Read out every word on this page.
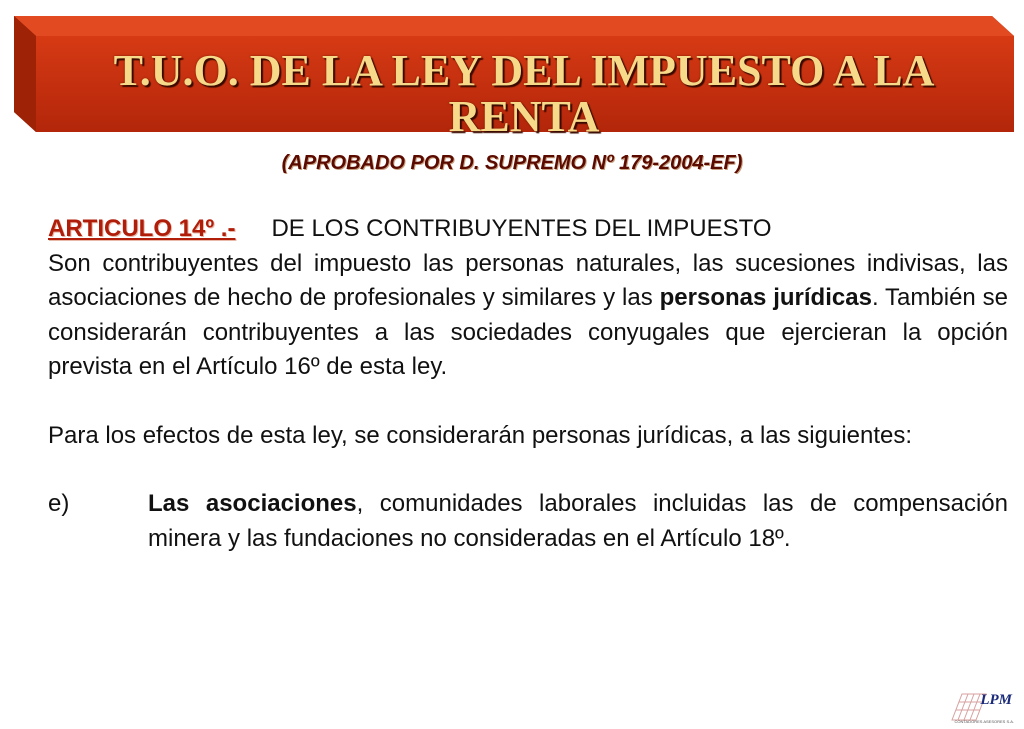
T.U.O. DE LA LEY DEL IMPUESTO A LA RENTA
(APROBADO POR D. SUPREMO Nº 179-2004-EF)

ARTICULO 14º .- DE LOS CONTRIBUYENTES DEL IMPUESTO

Son contribuyentes del impuesto las personas naturales, las sucesiones indivisas, las asociaciones de hecho de profesionales y similares y las personas jurídicas. También se considerarán contribuyentes a las sociedades conyugales que ejercieran la opción prevista en el Artículo 16º de esta ley.

Para los efectos de esta ley, se considerarán personas jurídicas, a las siguientes:

e)	Las asociaciones, comunidades laborales incluidas las de compensación minera y las fundaciones no consideradas en el Artículo 18º.

LPM
CONTADORES ASESORES S.A.
